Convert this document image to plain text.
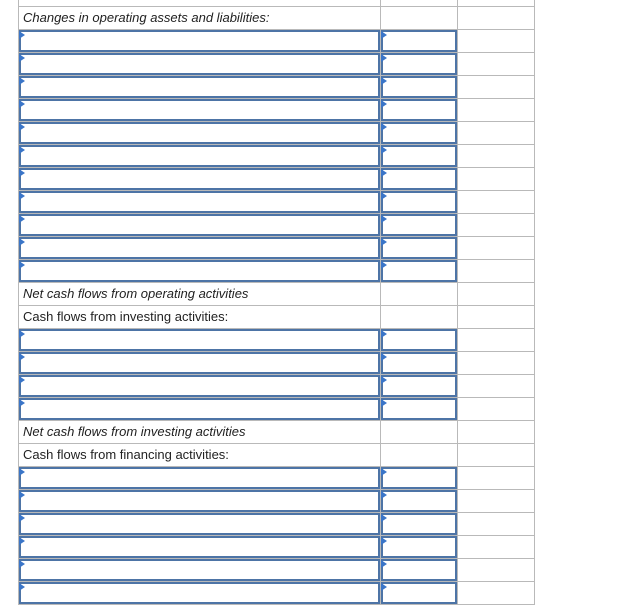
Changes in operating assets and liabilities:		

Net cash flows from operating activities		

Cash flows from investing activities:		

Net cash flows from investing activities		

Cash flows from financing activities:		
